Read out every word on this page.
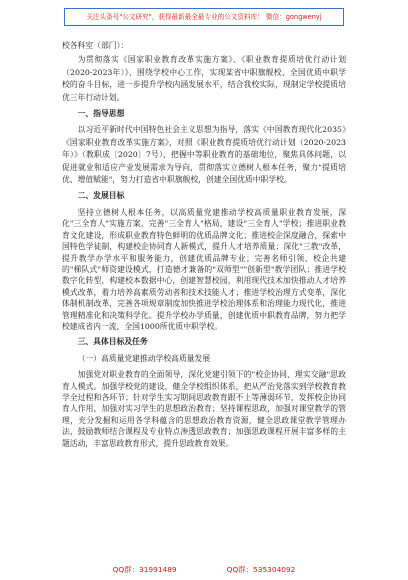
关注头条号"公文研究"，获得最新最全最专业的公文资料库！ 微信：gongwenyj

校各科室（部门）：

为贯彻落实《国家职业教育改革实施方案》、《职业教育提质培优行动计划（2020-2023年）》，围绕学校中心工作，实现某省中职旗舰校、全国优质中职学校的奋斗目标，进一步提升学校内涵发展水平，结合我校实际，现制定学校提质培优三年行动计划。

一、指导思想

以习近平新时代中国特色社会主义思想为指导，落实《中国教育现代化2035》《国家职业教育改革实施方案》，对照《职业教育提质培优行动计划（2020-2023年）》（教职成〔2020〕7号），把握中等职业教育的基础地位，聚焦具体问题，以促进就业和适应产业发展需求为导向，贯彻落实立德树人根本任务，聚力"提质培优、增值赋能"，努力打造省中职旗舰校，创建全国优质中职学校。

二、发展目标

坚持立德树人根本任务，以高质量党建推动学校高质量职业教育发展，深化"三全育人"实施方案，完善"三全育人"格局，建设"三全育人"学校；推进职业教育文化建设，形成职业教育特色鲜明的优质品牌文化；推进校企深度融合，探索中国特色学徒制，构建校企协同育人新模式，提升人才培养质量；深化"三教"改革，提升教学办学水平和服务能力，创建优质品牌专业；完善名师引领、校企共建的"梯队式"师资建设模式，打造德才兼备的"双师型""创新型"教学团队；推进学校数字化转型，构建校本数据中心，创建智慧校园，利用现代技术加快推动人才培养模式改革，着力培养高素质劳动者和技术技能人才；推进学校治理方式变革，深化体制机制改革，完善各项规章制度加快推进学校治理体系和治理能力现代化，推进管理精准化和决策科学化。提升学校办学质量，创建优质中职教育品牌，努力把学校建成省内一流，全国1000所优质中职学校。

三、具体目标及任务

（一）高质量党建推动学校高质量发展

加强党对职业教育的全面领导，深化党建引领下的"校企协同、理实交融"思政育人模式。加强学校党的建设，健全学校组织体系，把从严治党落实到学校教育教学全过程和各环节；针对学生实习期间思政教育跟不上等薄弱环节，发挥校企协同育人作用，加强对实习学生的思想政治教育；坚持课程思政，加强对课堂教学的管理，充分发掘和运用各学科蕴含的思想政治教育资源，健全思政课堂教学管理办法，鼓励教师结合课程及专业特点渗透思政教育；加强思政课程开展丰富多样的主题活动，丰富思政教育形式，提升思政教育效果。

QQ群：31991489	QQ群：535304092
